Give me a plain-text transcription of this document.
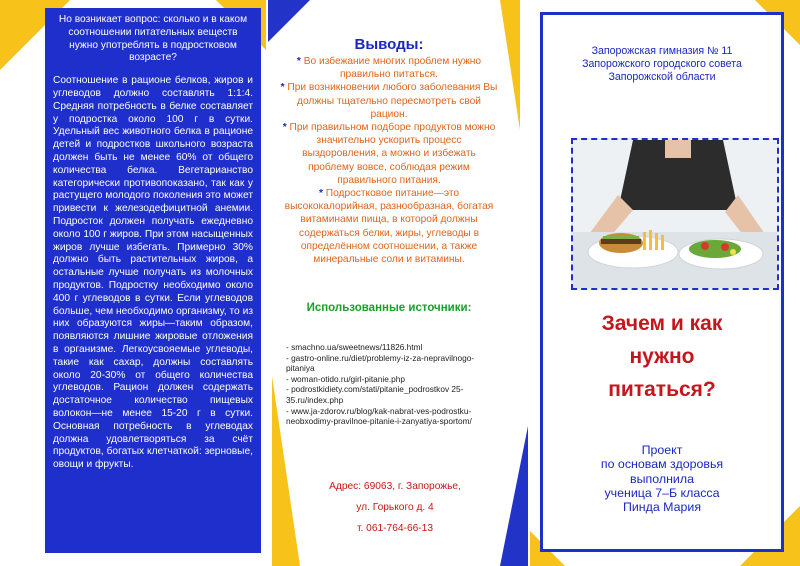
Но возникает вопрос: сколько и в каком соотношении питательных веществ нужно употреблять в подростковом возрасте?
Соотношение в рационе белков, жиров и углеводов должно составлять 1:1:4. Средняя потребность в белке составляет у подростка около 100 г в сутки. Удельный вес животного белка в рационе детей и подростков школьного возраста должен быть не менее 60% от общего количества белка. Вегетарианство категорически противопоказано, так как у растущего молодого поколения это может привести к железодефицитной анемии. Подросток должен получать ежедневно около 100 г жиров. При этом насыщенных жиров лучше избегать. Примерно 30% должно быть растительных жиров, а остальные лучше получать из молочных продуктов. Подростку необходимо около 400 г углеводов в сутки. Если углеводов больше, чем необходимо организму, то из них образуются жиры—таким образом, появляются лишние жировые отложения в организме. Легкоусвояемые углеводы, такие как сахар, должны составлять около 20-30% от общего количества углеводов. Рацион должен содержать достаточное количество пищевых волокон—не менее 15-20 г в сутки. Основная потребность в углеводах должна удовлетворяться за счёт продуктов, богатых клетчаткой: зерновые, овощи и фрукты.
Выводы:

* Во избежание многих проблем нужно правильно питаться.

* При возникновении любого заболевания Вы должны тщательно пересмотреть свой рацион.

* При правильном подборе продуктов можно значительно ускорить процесс выздоровления, а можно и избежать проблему вовсе, соблюдая режим правильного питания.

* Подростковое питание—это высококалорийная, разнообразная, богатая витаминами пища, в которой должны содержаться белки, жиры, углеводы в определённом соотношении, а также минеральные соли и витамины.

Использованные источники:
- smachno.ua/sweetnews/11826.html
- gastro-online.ru/diet/problemy-iz-za-nepravilnogo-pitaniya
- woman-otido.ru/girl-pitanie.php
- podrostkidiety.com/stati/pitanie_podrostkov 25-35.ru/index.php
- www.ja-zdorov.ru/blog/kak-nabrat-ves-podrostku-neobxodimy-pravilnoe-pitanie-i-zanyatiya-sportom/
Адрес: 69063, г. Запорожье,
ул. Горького д. 4
т. 061-764-66-13
Запорожская гимназия № 11
Запорожского городского совета
Запорожской области
Зачем и как
нужно
питаться?
Проект
по основам здоровья
выполнила
ученица 7–Б класса
Пинда Мария
